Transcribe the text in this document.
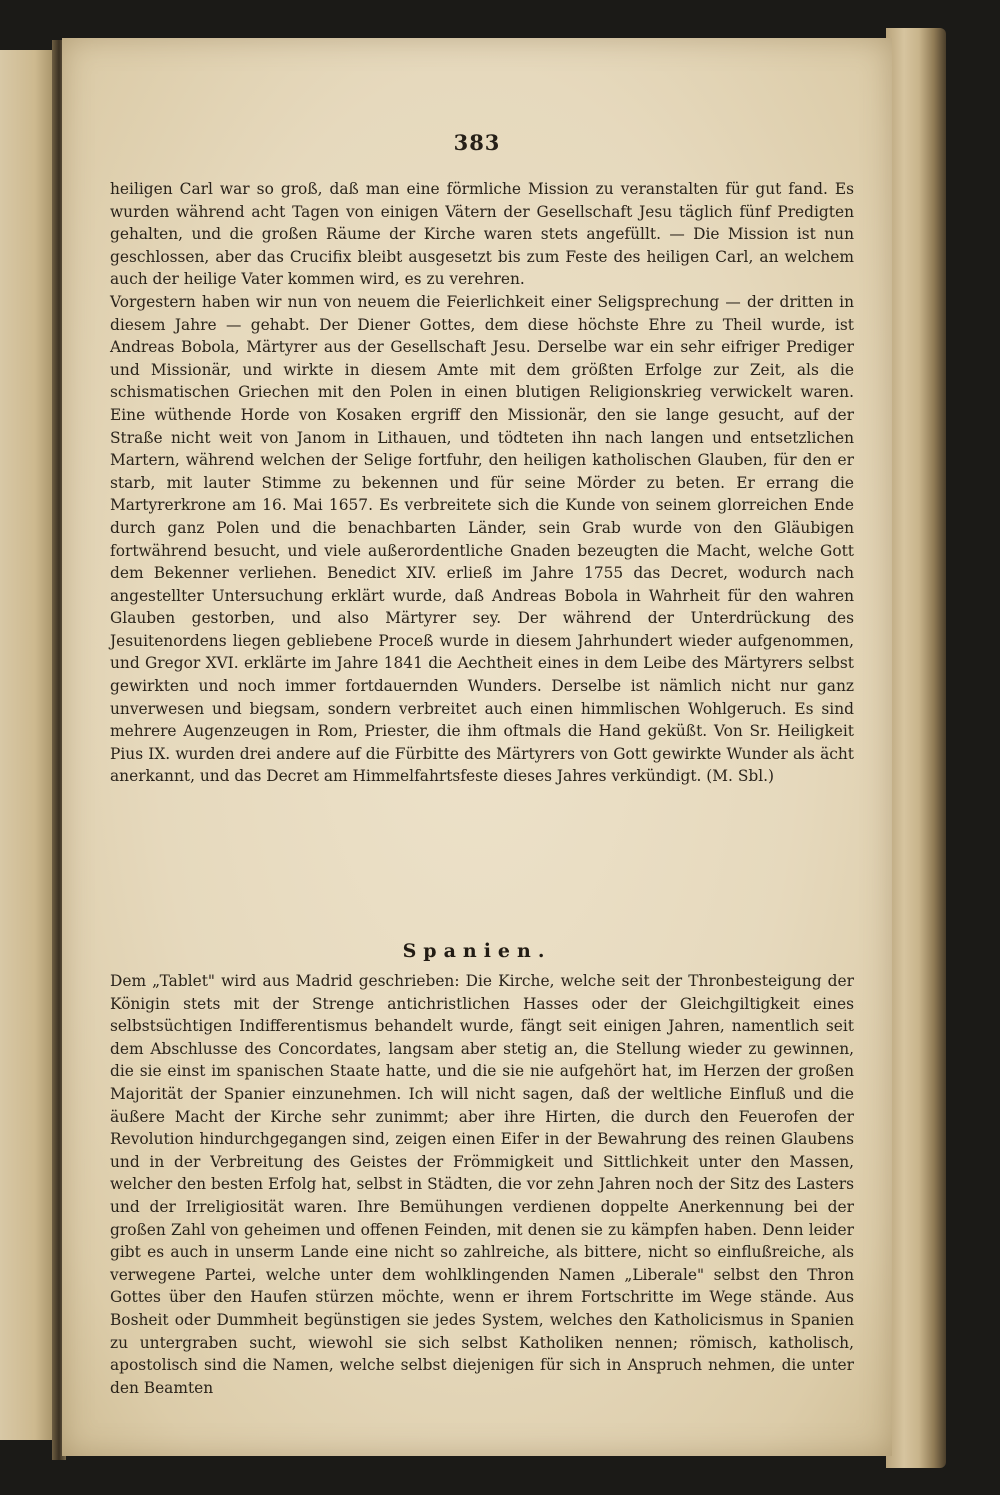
383

heiligen Carl war so groß, daß man eine förmliche Mission zu veranstalten für gut fand. Es wurden während acht Tagen von einigen Vätern der Gesellschaft Jesu täglich fünf Predigten gehalten, und die großen Räume der Kirche waren stets angefüllt. — Die Mission ist nun geschlossen, aber das Crucifix bleibt ausgesetzt bis zum Feste des heiligen Carl, an welchem auch der heilige Vater kommen wird, es zu verehren.

Vorgestern haben wir nun von neuem die Feierlichkeit einer Seligsprechung — der dritten in diesem Jahre — gehabt. Der Diener Gottes, dem diese höchste Ehre zu Theil wurde, ist Andreas Bobola, Märtyrer aus der Gesellschaft Jesu. Derselbe war ein sehr eifriger Prediger und Missionär, und wirkte in diesem Amte mit dem größten Erfolge zur Zeit, als die schismatischen Griechen mit den Polen in einen blutigen Religionskrieg verwickelt waren. Eine wüthende Horde von Kosaken ergriff den Missionär, den sie lange gesucht, auf der Straße nicht weit von Janom in Lithauen, und tödteten ihn nach langen und entsetzlichen Martern, während welchen der Selige fortfuhr, den heiligen katholischen Glauben, für den er starb, mit lauter Stimme zu bekennen und für seine Mörder zu beten. Er errang die Martyrerkrone am 16. Mai 1657. Es verbreitete sich die Kunde von seinem glorreichen Ende durch ganz Polen und die benachbarten Länder, sein Grab wurde von den Gläubigen fortwährend besucht, und viele außerordentliche Gnaden bezeugten die Macht, welche Gott dem Bekenner verliehen. Benedict XIV. erließ im Jahre 1755 das Decret, wodurch nach angestellter Untersuchung erklärt wurde, daß Andreas Bobola in Wahrheit für den wahren Glauben gestorben, und also Märtyrer sey. Der während der Unterdrückung des Jesuitenordens liegen gebliebene Proceß wurde in diesem Jahrhundert wieder aufgenommen, und Gregor XVI. erklärte im Jahre 1841 die Aechtheit eines in dem Leibe des Märtyrers selbst gewirkten und noch immer fortdauernden Wunders. Derselbe ist nämlich nicht nur ganz unverwesen und biegsam, sondern verbreitet auch einen himmlischen Wohlgeruch. Es sind mehrere Augenzeugen in Rom, Priester, die ihm oftmals die Hand geküßt. Von Sr. Heiligkeit Pius IX. wurden drei andere auf die Fürbitte des Märtyrers von Gott gewirkte Wunder als ächt anerkannt, und das Decret am Himmelfahrtsfeste dieses Jahres verkündigt. (M. Sbl.)

Spanien.

Dem „Tablet" wird aus Madrid geschrieben: Die Kirche, welche seit der Thronbesteigung der Königin stets mit der Strenge antichristlichen Hasses oder der Gleichgiltigkeit eines selbstsüchtigen Indifferentismus behandelt wurde, fängt seit einigen Jahren, namentlich seit dem Abschlusse des Concordates, langsam aber stetig an, die Stellung wieder zu gewinnen, die sie einst im spanischen Staate hatte, und die sie nie aufgehört hat, im Herzen der großen Majorität der Spanier einzunehmen. Ich will nicht sagen, daß der weltliche Einfluß und die äußere Macht der Kirche sehr zunimmt; aber ihre Hirten, die durch den Feuerofen der Revolution hindurchgegangen sind, zeigen einen Eifer in der Bewahrung des reinen Glaubens und in der Verbreitung des Geistes der Frömmigkeit und Sittlichkeit unter den Massen, welcher den besten Erfolg hat, selbst in Städten, die vor zehn Jahren noch der Sitz des Lasters und der Irreligiosität waren. Ihre Bemühungen verdienen doppelte Anerkennung bei der großen Zahl von geheimen und offenen Feinden, mit denen sie zu kämpfen haben. Denn leider gibt es auch in unserm Lande eine nicht so zahlreiche, als bittere, nicht so einflußreiche, als verwegene Partei, welche unter dem wohlklingenden Namen „Liberale" selbst den Thron Gottes über den Haufen stürzen möchte, wenn er ihrem Fortschritte im Wege stände. Aus Bosheit oder Dummheit begünstigen sie jedes System, welches den Katholicismus in Spanien zu untergraben sucht, wiewohl sie sich selbst Katholiken nennen; römisch, katholisch, apostolisch sind die Namen, welche selbst diejenigen für sich in Anspruch nehmen, die unter den Beamten
